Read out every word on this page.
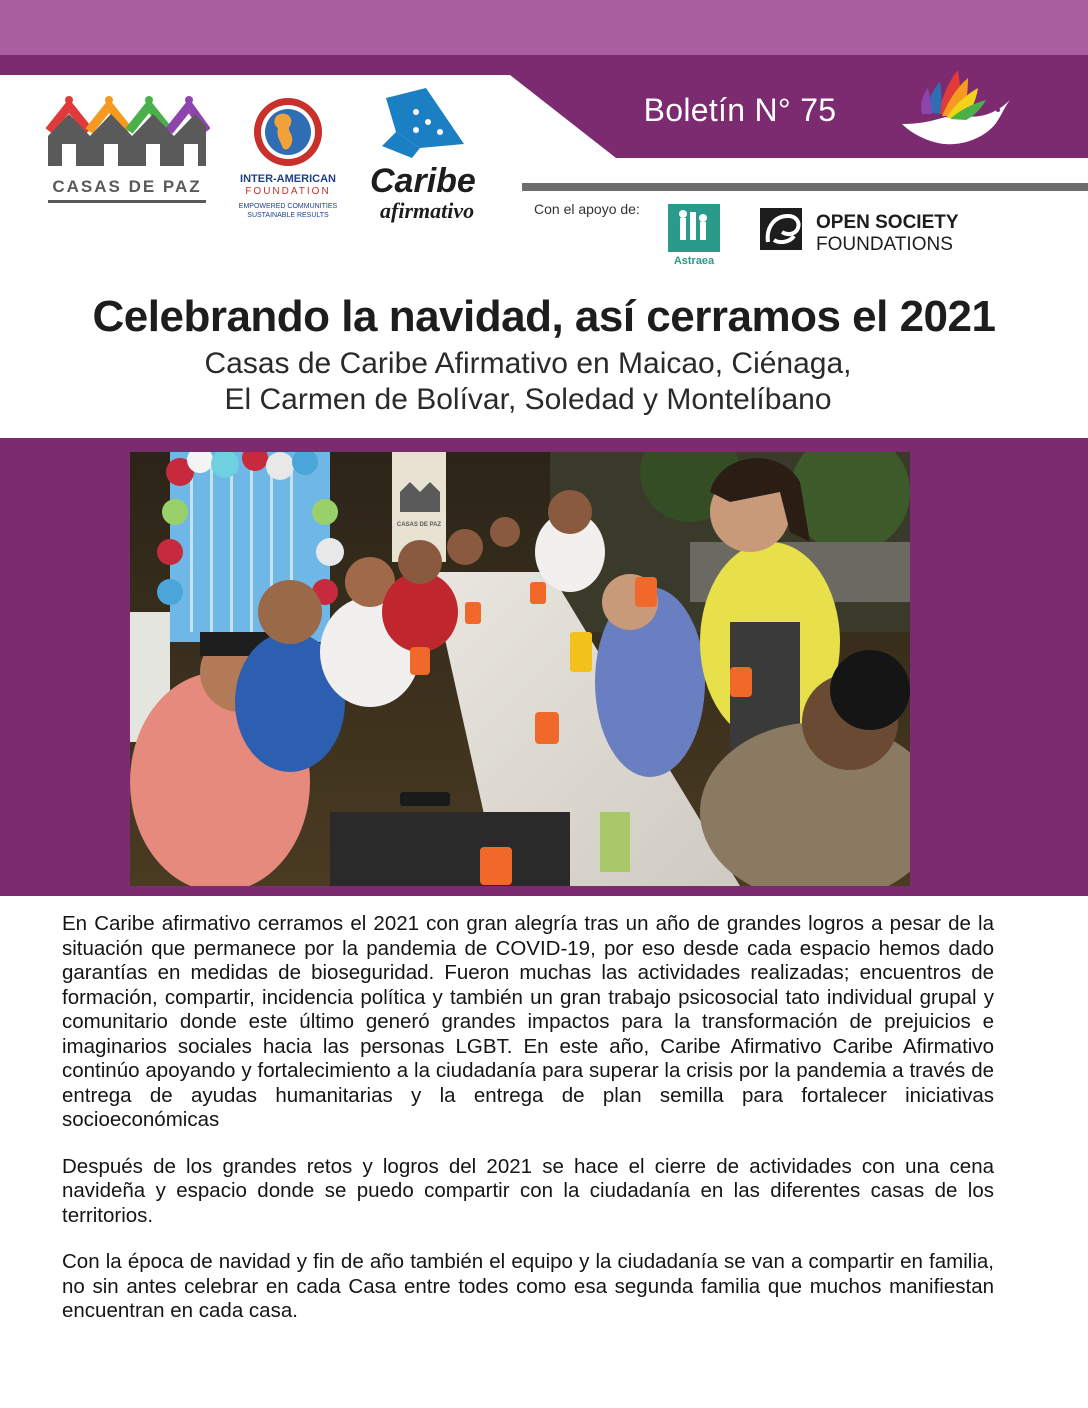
CASAS DE PAZ	INTER-AMERICAN
FOUNDATION
EMPOWERED COMMUNITIES
SUSTAINABLE RESULTS
Caribe
afirmativo
Boletín N° 75
Con el apoyo de:
Astraea
OPEN SOCIETY
FOUNDATIONS
Celebrando la navidad, así cerramos el 2021
Casas de Caribe Afirmativo en Maicao, Ciénaga,
El Carmen de Bolívar, Soledad y Montelíbano
CASAS DE PAZ

En Caribe afirmativo cerramos el 2021 con gran alegría tras un año de grandes logros a pesar de la situación que permanece por la pandemia de COVID-19, por eso desde cada espacio hemos dado garantías en medidas de bioseguridad. Fueron muchas las actividades realizadas; encuentros de formación, compartir, incidencia política y también un gran trabajo psicosocial tato individual grupal y comunitario donde este último generó grandes impactos para la transformación de prejuicios e imaginarios sociales hacia las personas LGBT. En este año, Caribe Afirmativo Caribe Afirmativo continúo apoyando y fortalecimiento a la ciudadanía para superar la crisis por la pandemia a través de entrega de ayudas humanitarias y la entrega de plan semilla para fortalecer iniciativas socioeconómicas

Después de los grandes retos y logros del 2021 se hace el cierre de actividades con una cena navideña y espacio donde se puedo compartir con la ciudadanía en las diferentes casas de los territorios.

Con la época de navidad y fin de año también el equipo y la ciudadanía se van a compartir en familia, no sin antes celebrar en cada Casa entre todes como esa segunda familia que muchos manifiestan encuentran en cada casa.
